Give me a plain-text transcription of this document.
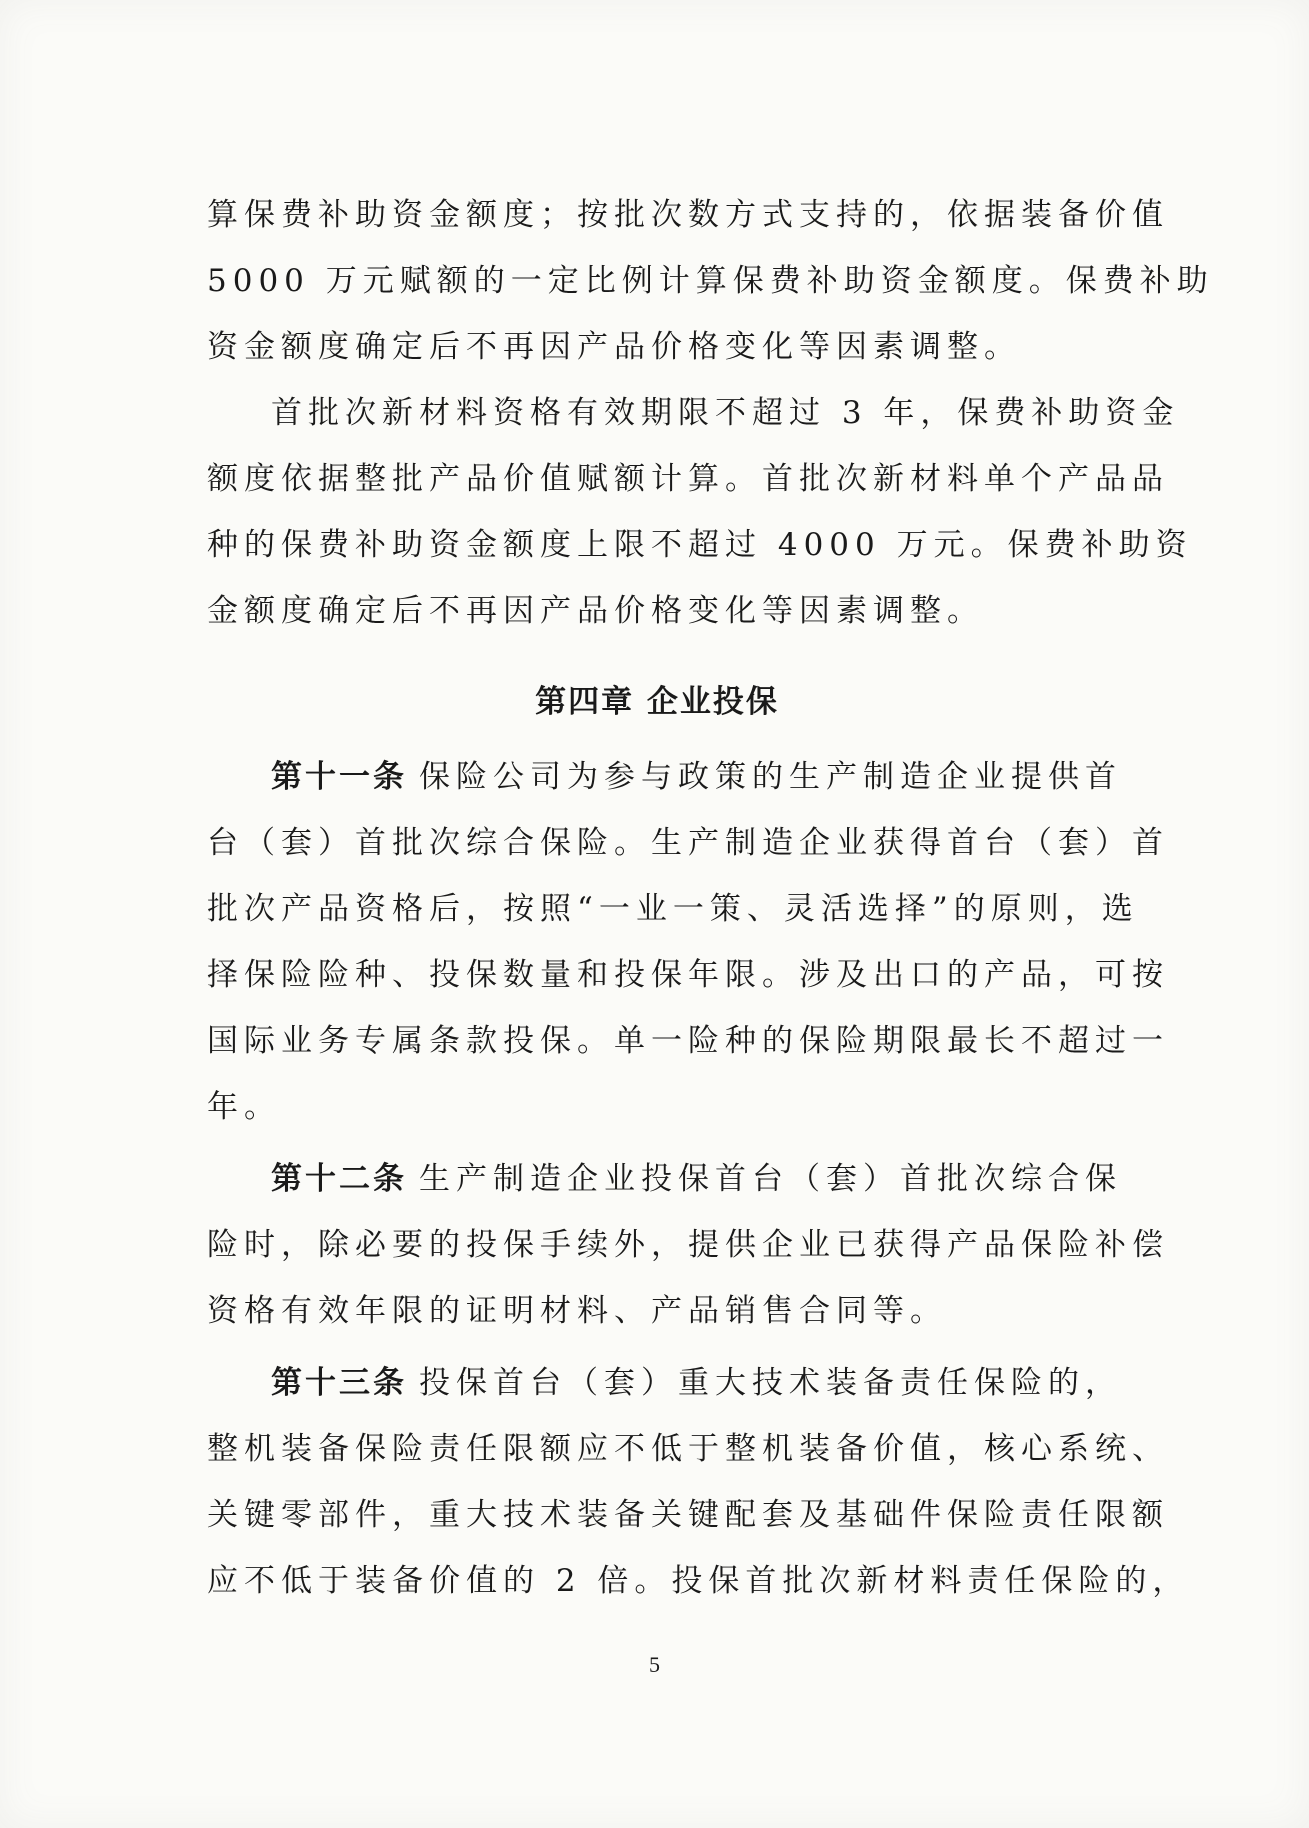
算保费补助资金额度；按批次数方式支持的，依据装备价值
5000 万元赋额的一定比例计算保费补助资金额度。保费补助
资金额度确定后不再因产品价格变化等因素调整。
首批次新材料资格有效期限不超过 3 年，保费补助资金
额度依据整批产品价值赋额计算。首批次新材料单个产品品
种的保费补助资金额度上限不超过 4000 万元。保费补助资
金额度确定后不再因产品价格变化等因素调整。
第四章 企业投保
第十一条 保险公司为参与政策的生产制造企业提供首
台（套）首批次综合保险。生产制造企业获得首台（套）首
批次产品资格后，按照“一业一策、灵活选择”的原则，选
择保险险种、投保数量和投保年限。涉及出口的产品，可按
国际业务专属条款投保。单一险种的保险期限最长不超过一
年。
第十二条 生产制造企业投保首台（套）首批次综合保
险时，除必要的投保手续外，提供企业已获得产品保险补偿
资格有效年限的证明材料、产品销售合同等。
第十三条 投保首台（套）重大技术装备责任保险的，
整机装备保险责任限额应不低于整机装备价值，核心系统、
关键零部件，重大技术装备关键配套及基础件保险责任限额
应不低于装备价值的 2 倍。投保首批次新材料责任保险的，
5
